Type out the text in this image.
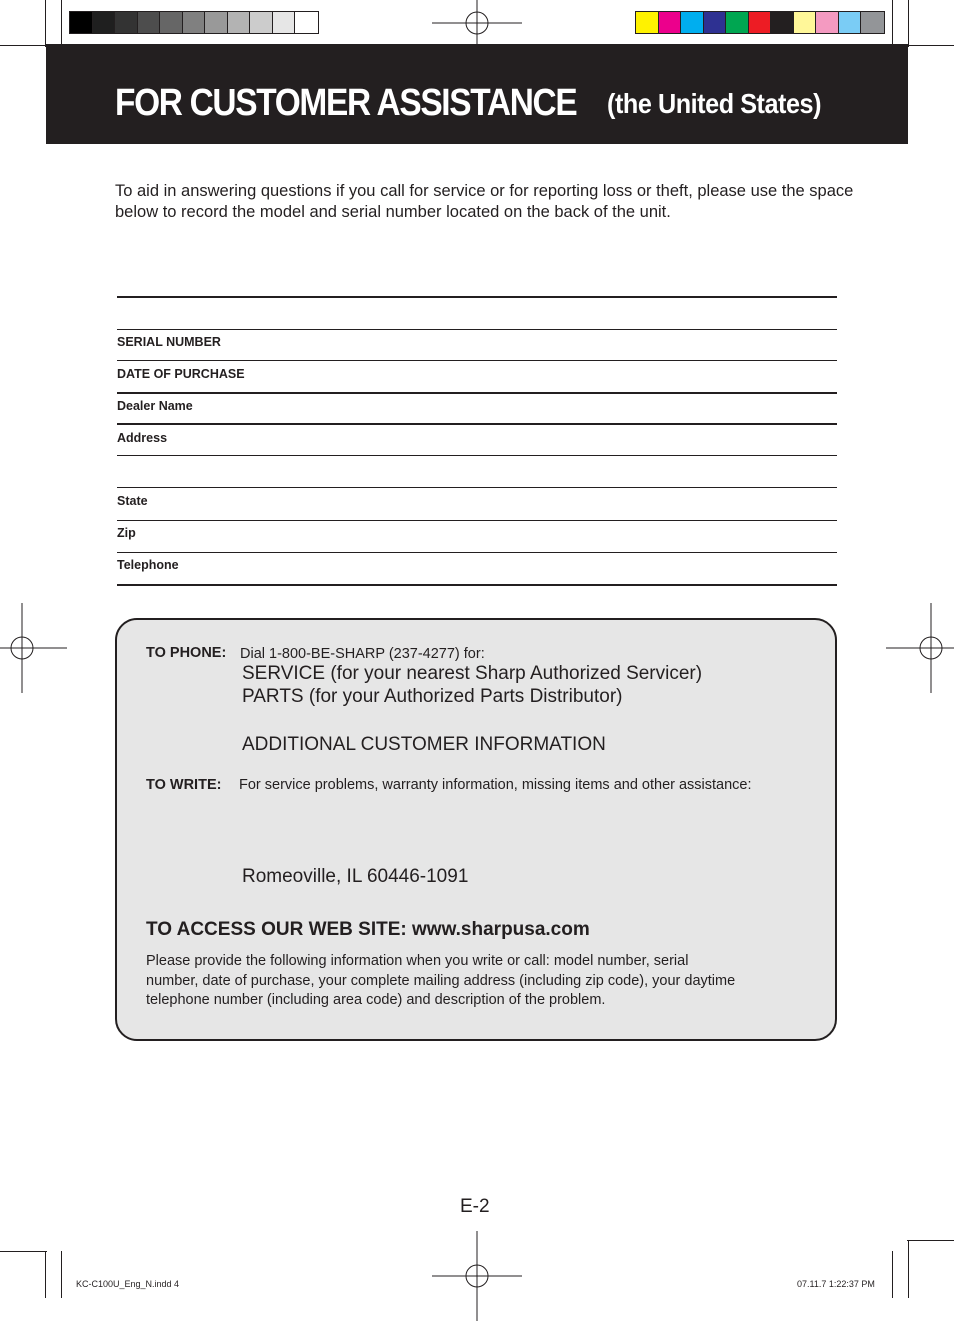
FOR CUSTOMER ASSISTANCE	(the United States)
To aid in answering questions if you call for service or for reporting loss or theft, please use the space below to record the model and serial number located on the back of the unit.
SERIAL NUMBER
DATE OF PURCHASE
Dealer Name
Address
State
Zip
Telephone
TO PHONE: Dial 1-800-BE-SHARP (237-4277) for:
SERVICE (for your nearest Sharp Authorized Servicer)
PARTS (for your Authorized Parts Distributor)
ADDITIONAL CUSTOMER INFORMATION
TO WRITE: For service problems, warranty information, missing items and other assistance:
Romeoville, IL 60446-1091
TO ACCESS OUR WEB SITE: www.sharpusa.com
Please provide the following information when you write or call: model number, serial
number, date of purchase, your complete mailing address (including zip code), your daytime
telephone number (including area code) and description of the problem.
E-2
KC-C100U_Eng_N.indd 4	07.11.7 1:22:37 PM
